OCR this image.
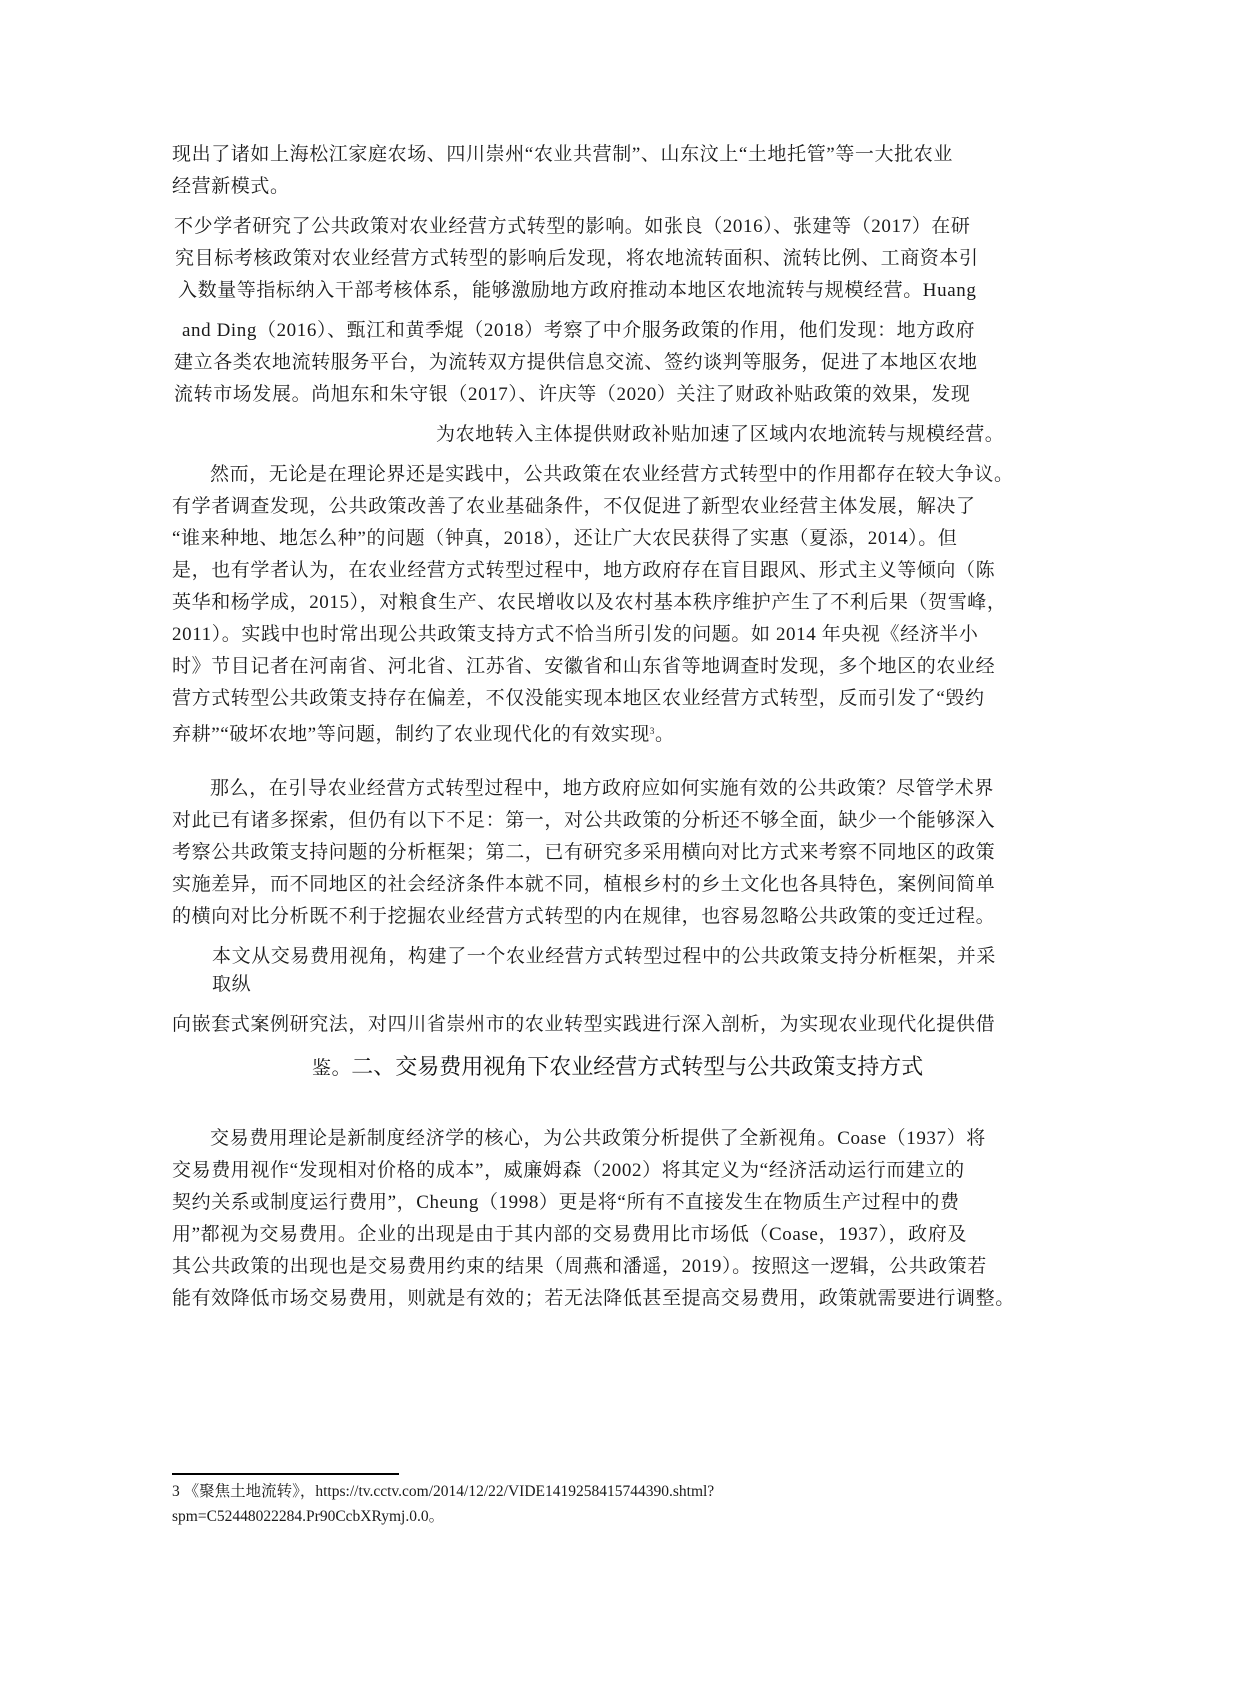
现出了诸如上海松江家庭农场、四川崇州“农业共营制”、山东汶上“土地托管”等一大批农业
经营新模式。
不少学者研究了公共政策对农业经营方式转型的影响。如张良（2016）、张建等（2017）在研
究目标考核政策对农业经营方式转型的影响后发现，将农地流转面积、流转比例、工商资本引
入数量等指标纳入干部考核体系，能够激励地方政府推动本地区农地流转与规模经营。Huang
and Ding（2016）、甄江和黄季焜（2018）考察了中介服务政策的作用，他们发现：地方政府
建立各类农地流转服务平台，为流转双方提供信息交流、签约谈判等服务，促进了本地区农地
流转市场发展。尚旭东和朱守银（2017）、许庆等（2020）关注了财政补贴政策的效果，发现
为农地转入主体提供财政补贴加速了区域内农地流转与规模经营。
然而，无论是在理论界还是实践中，公共政策在农业经营方式转型中的作用都存在较大争议。
有学者调查发现，公共政策改善了农业基础条件，不仅促进了新型农业经营主体发展，解决了
“谁来种地、地怎么种”的问题（钟真，2018），还让广大农民获得了实惠（夏添，2014）。但
是，也有学者认为，在农业经营方式转型过程中，地方政府存在盲目跟风、形式主义等倾向（陈
英华和杨学成，2015），对粮食生产、农民增收以及农村基本秩序维护产生了不利后果（贺雪峰，
2011）。实践中也时常出现公共政策支持方式不恰当所引发的问题。如 2014 年央视《经济半小
时》节目记者在河南省、河北省、江苏省、安徽省和山东省等地调查时发现，多个地区的农业经
营方式转型公共政策支持存在偏差，不仅没能实现本地区农业经营方式转型，反而引发了“毁约
弃耕”“破坏农地”等问题，制约了农业现代化的有效实现$^3$。
那么，在引导农业经营方式转型过程中，地方政府应如何实施有效的公共政策？尽管学术界
对此已有诸多探索，但仍有以下不足：第一，对公共政策的分析还不够全面，缺少一个能够深入
考察公共政策支持问题的分析框架；第二，已有研究多采用横向对比方式来考察不同地区的政策
实施差异，而不同地区的社会经济条件本就不同，植根乡村的乡土文化也各具特色，案例间简单
的横向对比分析既不利于挖掘农业经营方式转型的内在规律，也容易忽略公共政策的变迁过程。
本文从交易费用视角，构建了一个农业经营方式转型过程中的公共政策支持分析框架，并采
取纵
向嵌套式案例研究法，对四川省崇州市的农业转型实践进行深入剖析，为实现农业现代化提供借
交易费用理论是新制度经济学的核心，为公共政策分析提供了全新视角。Coase（1937）将
交易费用视作“发现相对价格的成本”，威廉姆森（2002）将其定义为“经济活动运行而建立的
契约关系或制度运行费用”，Cheung（1998）更是将“所有不直接发生在物质生产过程中的费
用”都视为交易费用。企业的出现是由于其内部的交易费用比市场低（Coase，1937），政府及
其公共政策的出现也是交易费用约束的结果（周燕和潘遥，2019）。按照这一逻辑，公共政策若
能有效降低市场交易费用，则就是有效的；若无法降低甚至提高交易费用，政策就需要进行调整。
鉴。二、交易费用视角下农业经营方式转型与公共政策支持方式
3 《聚焦土地流转》，https://tv.cctv.com/2014/12/22/VIDE1419258415744390.shtml?
spm=C52448022284.Pr90CcbXRymj.0.0。
